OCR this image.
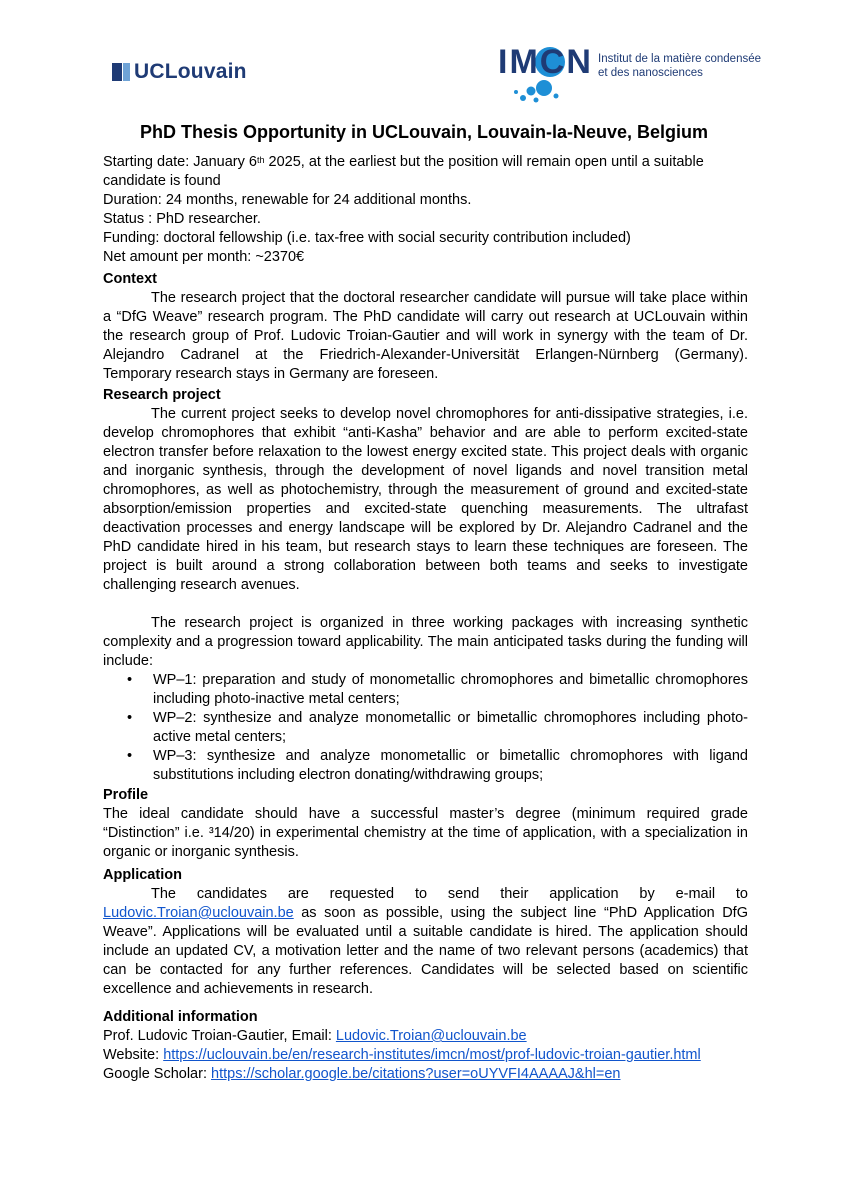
UCLouvain
Institut de la matière condensée
et des nanosciences
PhD Thesis Opportunity in UCLouvain, Louvain-la-Neuve, Belgium

Starting date: January 6th 2025, at the earliest but the position will remain open until a suitable candidate is found

Duration: 24 months, renewable for 24 additional months.

Status : PhD researcher.

Funding: doctoral fellowship (i.e. tax-free with social security contribution included)

Net amount per month: ~2370€

Context

The research project that the doctoral researcher candidate will pursue will take place within a “DfG Weave” research program. The PhD candidate will carry out research at UCLouvain within the research group of Prof. Ludovic Troian-Gautier and will work in synergy with the team of Dr. Alejandro Cadranel at the Friedrich-Alexander-Universität Erlangen-Nürnberg (Germany). Temporary research stays in Germany are foreseen.

Research project

The current project seeks to develop novel chromophores for anti-dissipative strategies, i.e. develop chromophores that exhibit “anti-Kasha” behavior and are able to perform excited-state electron transfer before relaxation to the lowest energy excited state. This project deals with organic and inorganic synthesis, through the development of novel ligands and novel transition metal chromophores, as well as photochemistry, through the measurement of ground and excited-state absorption/emission properties and excited-state quenching measurements. The ultrafast deactivation processes and energy landscape will be explored by Dr. Alejandro Cadranel and the PhD candidate hired in his team, but research stays to learn these techniques are foreseen. The project is built around a strong collaboration between both teams and seeks to investigate challenging research avenues.

The research project is organized in three working packages with increasing synthetic complexity and a progression toward applicability. The main anticipated tasks during the funding will include:

• WP–1: preparation and study of monometallic chromophores and bimetallic chromophores including photo-inactive metal centers;
• WP–2: synthesize and analyze monometallic or bimetallic chromophores including photo-active metal centers;
• WP–3: synthesize and analyze monometallic or bimetallic chromophores with ligand substitutions including electron donating/withdrawing groups;
Profile

The ideal candidate should have a successful master’s degree (minimum required grade “Distinction” i.e. ³14/20) in experimental chemistry at the time of application, with a specialization in organic or inorganic synthesis.

Application

The candidates are requested to send their application by e-mail to Ludovic.Troian@uclouvain.be as soon as possible, using the subject line “PhD Application DfG Weave”. Applications will be evaluated until a suitable candidate is hired. The application should include an updated CV, a motivation letter and the name of two relevant persons (academics) that can be contacted for any further references. Candidates will be selected based on scientific excellence and achievements in research.

Additional information

Prof. Ludovic Troian-Gautier, Email: Ludovic.Troian@uclouvain.be

Website: https://uclouvain.be/en/research-institutes/imcn/most/prof-ludovic-troian-gautier.html

Google Scholar: https://scholar.google.be/citations?user=oUYVFI4AAAAJ&hl=en

IMCN
